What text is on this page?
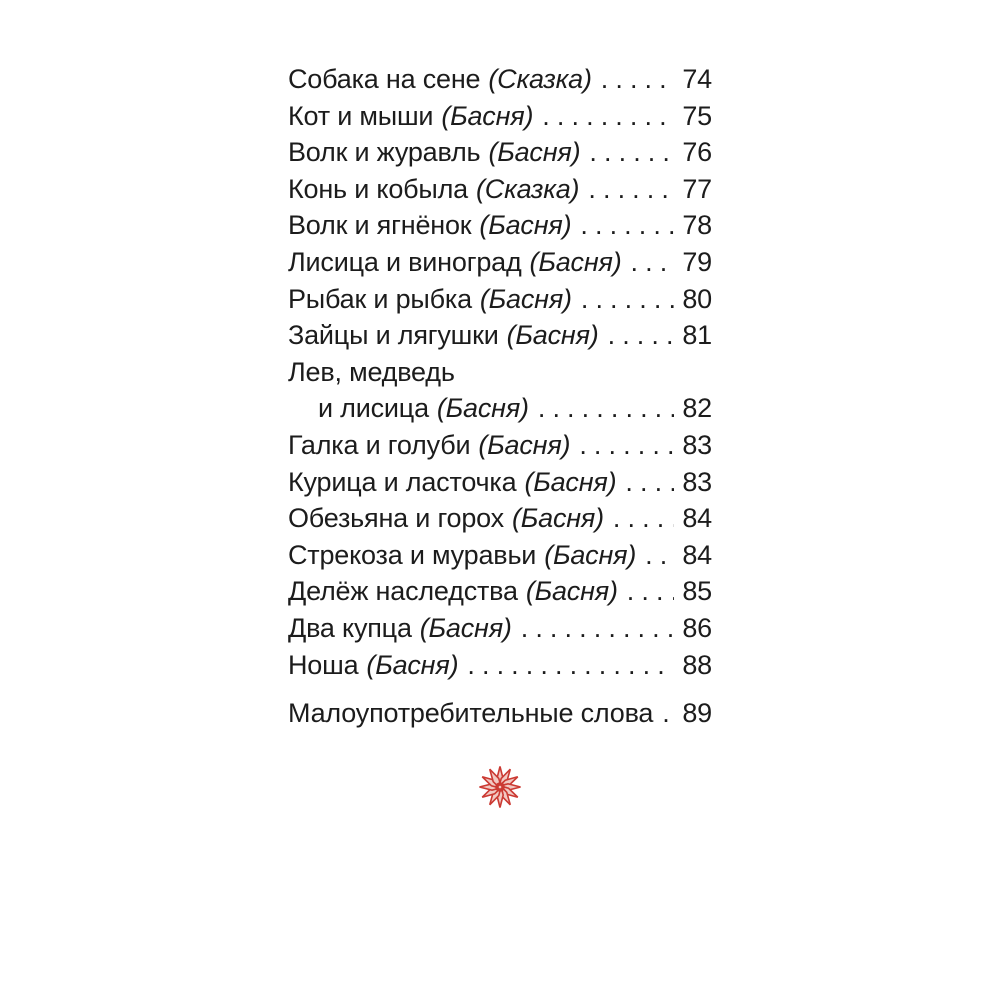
Собака на сене (Сказка) . . .	74
Кот и мыши (Басня) . . .	75
Волк и журавль (Басня) . . .	76
Конь и кобыла (Сказка) . . .	77
Волк и ягнёнок (Басня) . . .	78
Лисица и виноград (Басня) . . . 79
Рыбак и рыбка (Басня) . . .	80
Зайцы и лягушки (Басня) . . .	81
Лев, медведь
и лисица (Басня) . . .	82
Галка и голуби (Басня) . . .	83
Курица и ласточка (Басня) . . . 83
Обезьяна и горох (Басня) . . .	84
Стрекоза и муравьи (Басня) . . . 84
Делёж наследства (Басня) . . . 85
Два купца (Басня) . . .	86
Ноша (Басня) . . .	88
Малоупотребительные слова . . . 89
